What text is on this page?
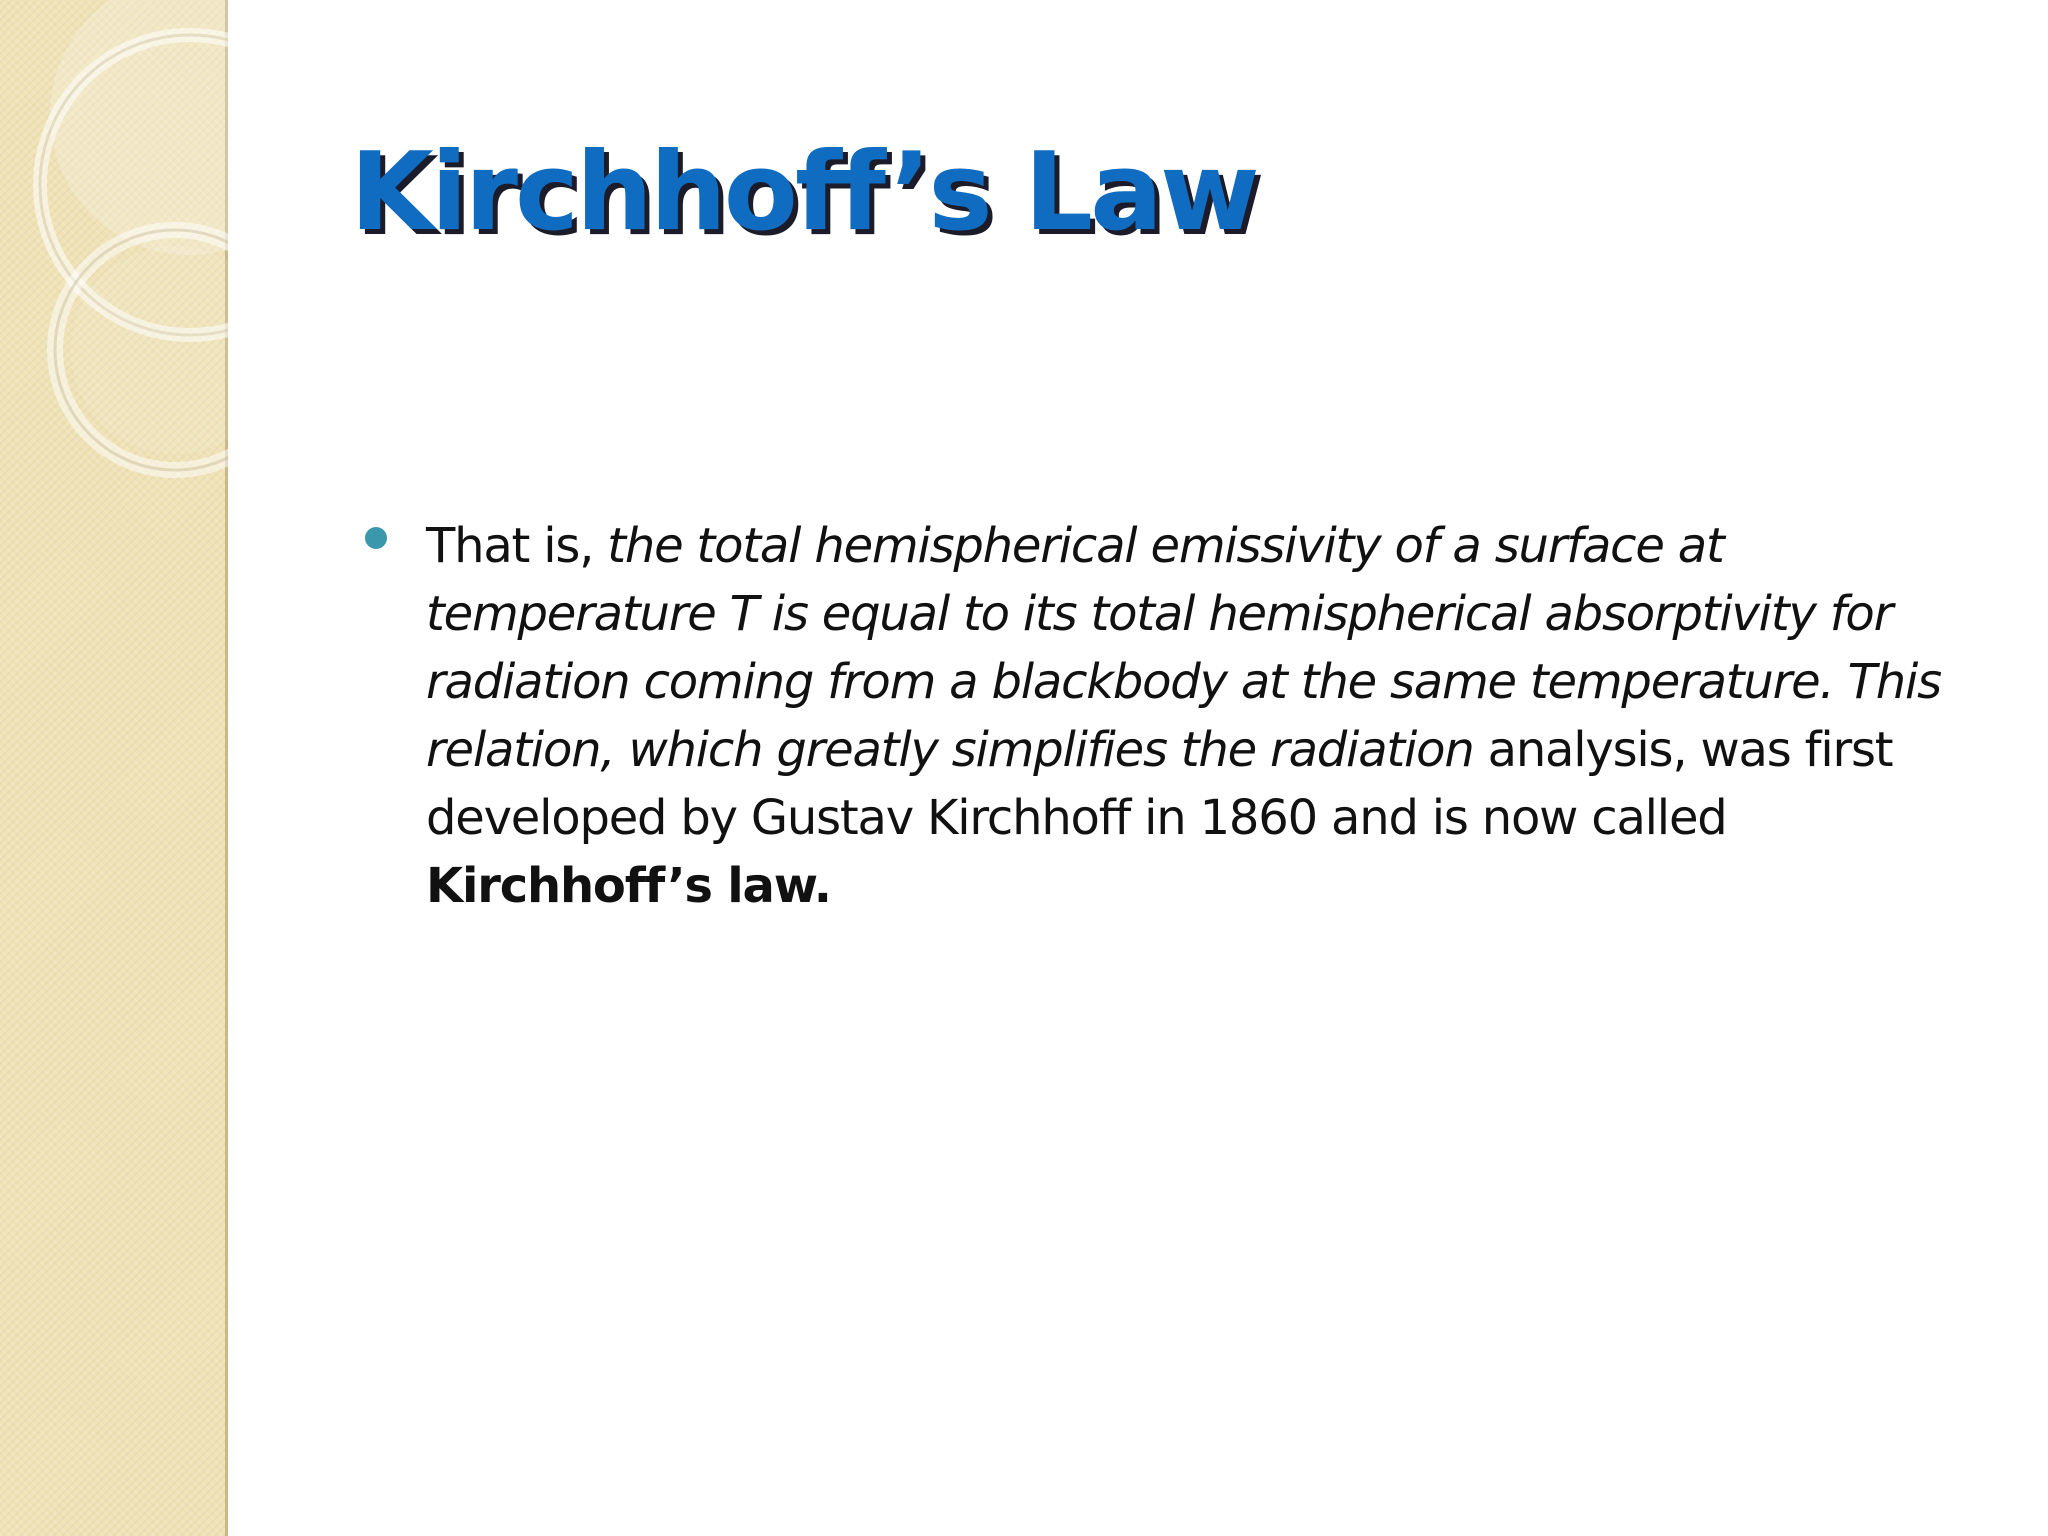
Kirchhoff’s Law
That is, the total hemispherical emissivity of a surface at temperature T is equal to its total hemispherical absorptivity for radiation coming from a blackbody at the same temperature. This relation, which greatly simplifies the radiation analysis, was first developed by Gustav Kirchhoff in 1860 and is now called Kirchhoff’s law.
